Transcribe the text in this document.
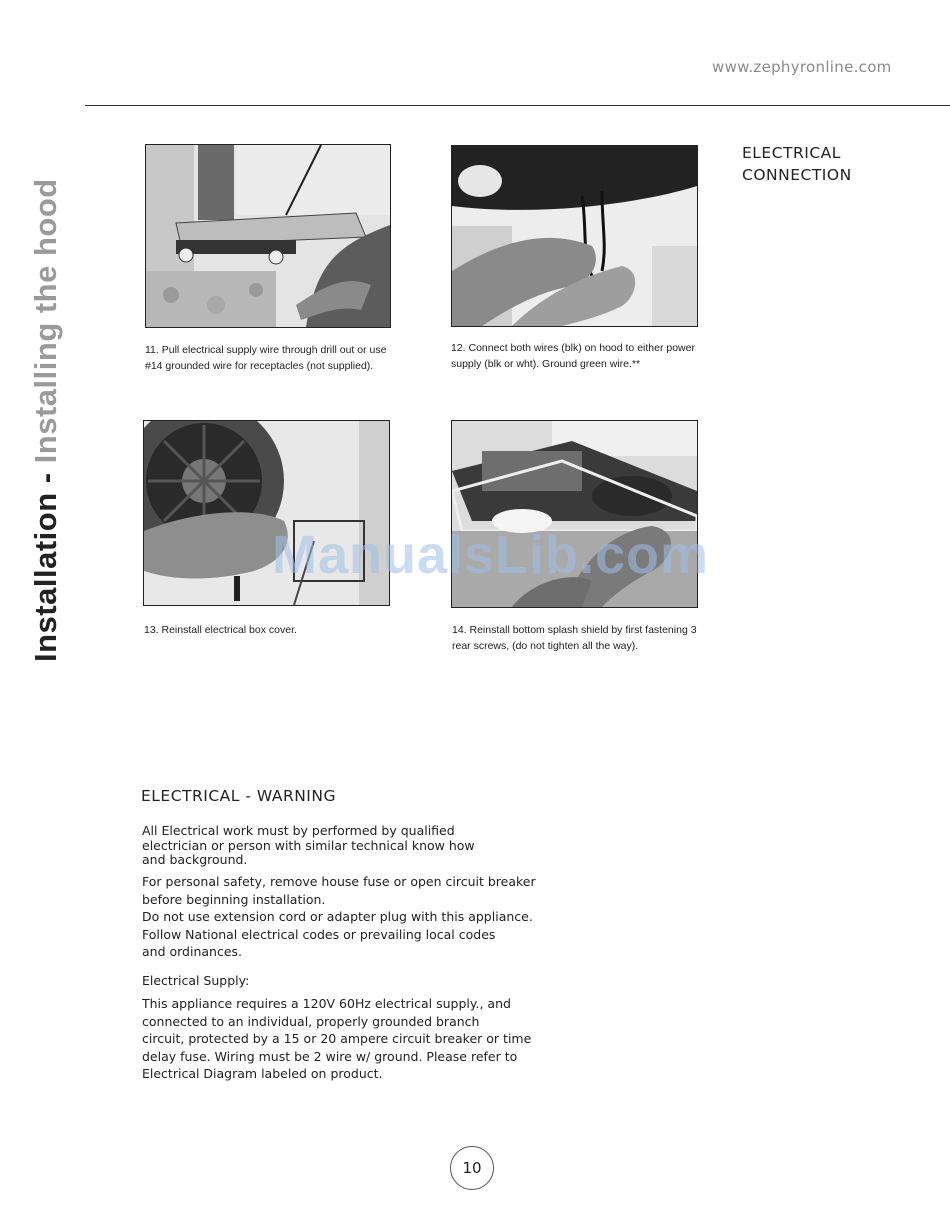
www.zephyronline.com
Installation - Installing the hood
ELECTRICAL
CONNECTION
11. Pull electrical supply wire through drill out or use
#14 grounded wire for receptacles (not supplied).
12. Connect both wires (blk) on hood to either power
supply (blk or wht). Ground green wire.**
13. Reinstall electrical box cover.	14. Reinstall bottom splash shield by first fastening 3
rear screws, (do not tighten all the way).
ManualsLib.com
ELECTRICAL - WARNING
All Electrical work must by performed by qualified
electrician or person with similar technical know how
and background.
For personal safety, remove house fuse or open circuit breaker
before beginning installation.
Do not use extension cord or adapter plug with this appliance.
Follow National electrical codes or prevailing local codes
and ordinances.
Electrical Supply:
This appliance requires a 120V 60Hz electrical supply., and
connected to an individual, properly grounded branch
circuit, protected by a 15 or 20 ampere circuit breaker or time
delay fuse. Wiring must be 2 wire w/ ground. Please refer to
Electrical Diagram labeled on product.
10
